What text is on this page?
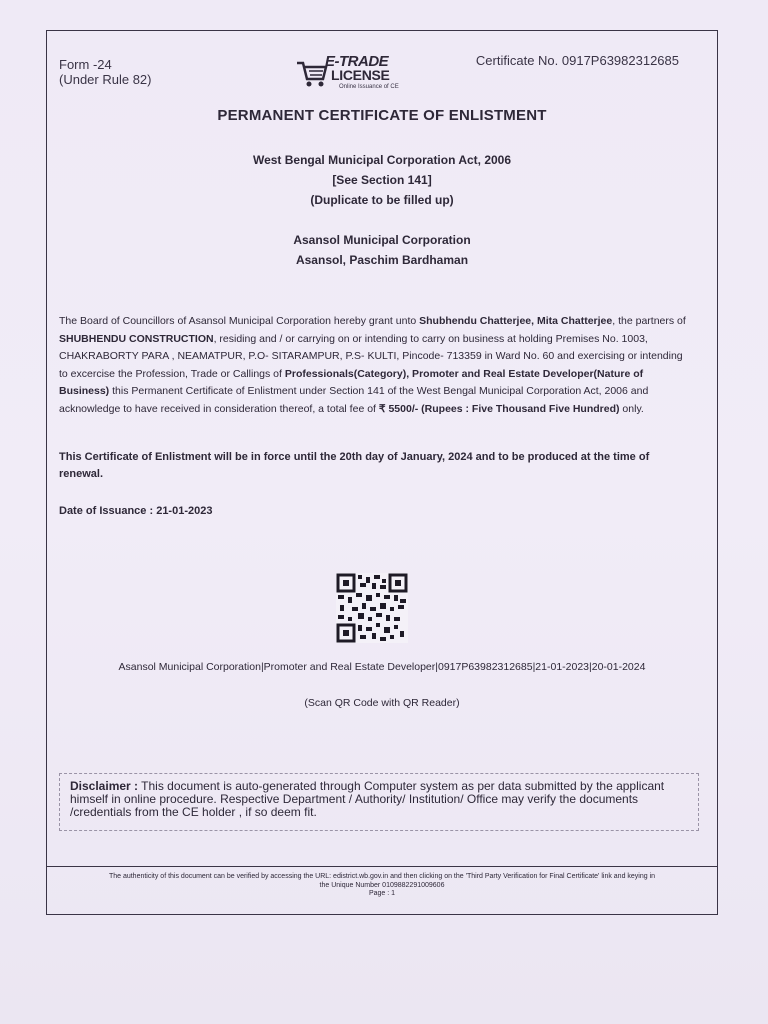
Form -24
(Under Rule 82)
E-TRADE
LICENSE
Online Issuance of CE
Certificate No. 0917P63982312685
PERMANENT CERTIFICATE OF ENLISTMENT
West Bengal Municipal Corporation Act, 2006
[See Section 141]
(Duplicate to be filled up)
Asansol Municipal Corporation
Asansol, Paschim Bardhaman
The Board of Councillors of Asansol Municipal Corporation hereby grant unto Shubhendu Chatterjee, Mita Chatterjee, the partners of SHUBHENDU CONSTRUCTION, residing and / or carrying on or intending to carry on business at holding Premises No. 1003, CHAKRABORTY PARA , NEAMATPUR, P.O- SITARAMPUR, P.S- KULTI, Pincode- 713359 in Ward No. 60 and exercising or intending to excercise the Profession, Trade or Callings of Professionals(Category), Promoter and Real Estate Developer(Nature of Business) this Permanent Certificate of Enlistment under Section 141 of the West Bengal Municipal Corporation Act, 2006 and acknowledge to have received in consideration thereof, a total fee of ₹ 5500/- (Rupees : Five Thousand Five Hundred) only.
This Certificate of Enlistment will be in force until the 20th day of January, 2024 and to be produced at the time of renewal.
Date of Issuance : 21-01-2023
Asansol Municipal Corporation|Promoter and Real Estate Developer|0917P63982312685|21-01-2023|20-01-2024
(Scan QR Code with QR Reader)
Disclaimer : This document is auto-generated through Computer system as per data submitted by the applicant himself in online procedure. Respective Department / Authority/ Institution/ Office may verify the documents /credentials from the CE holder , if so deem fit.
The authenticity of this document can be verified by accessing the URL: edistrict.wb.gov.in and then clicking on the 'Third Party Verification for Final Certificate' link and keying in
the Unique Number 0109882291009606
Page : 1
